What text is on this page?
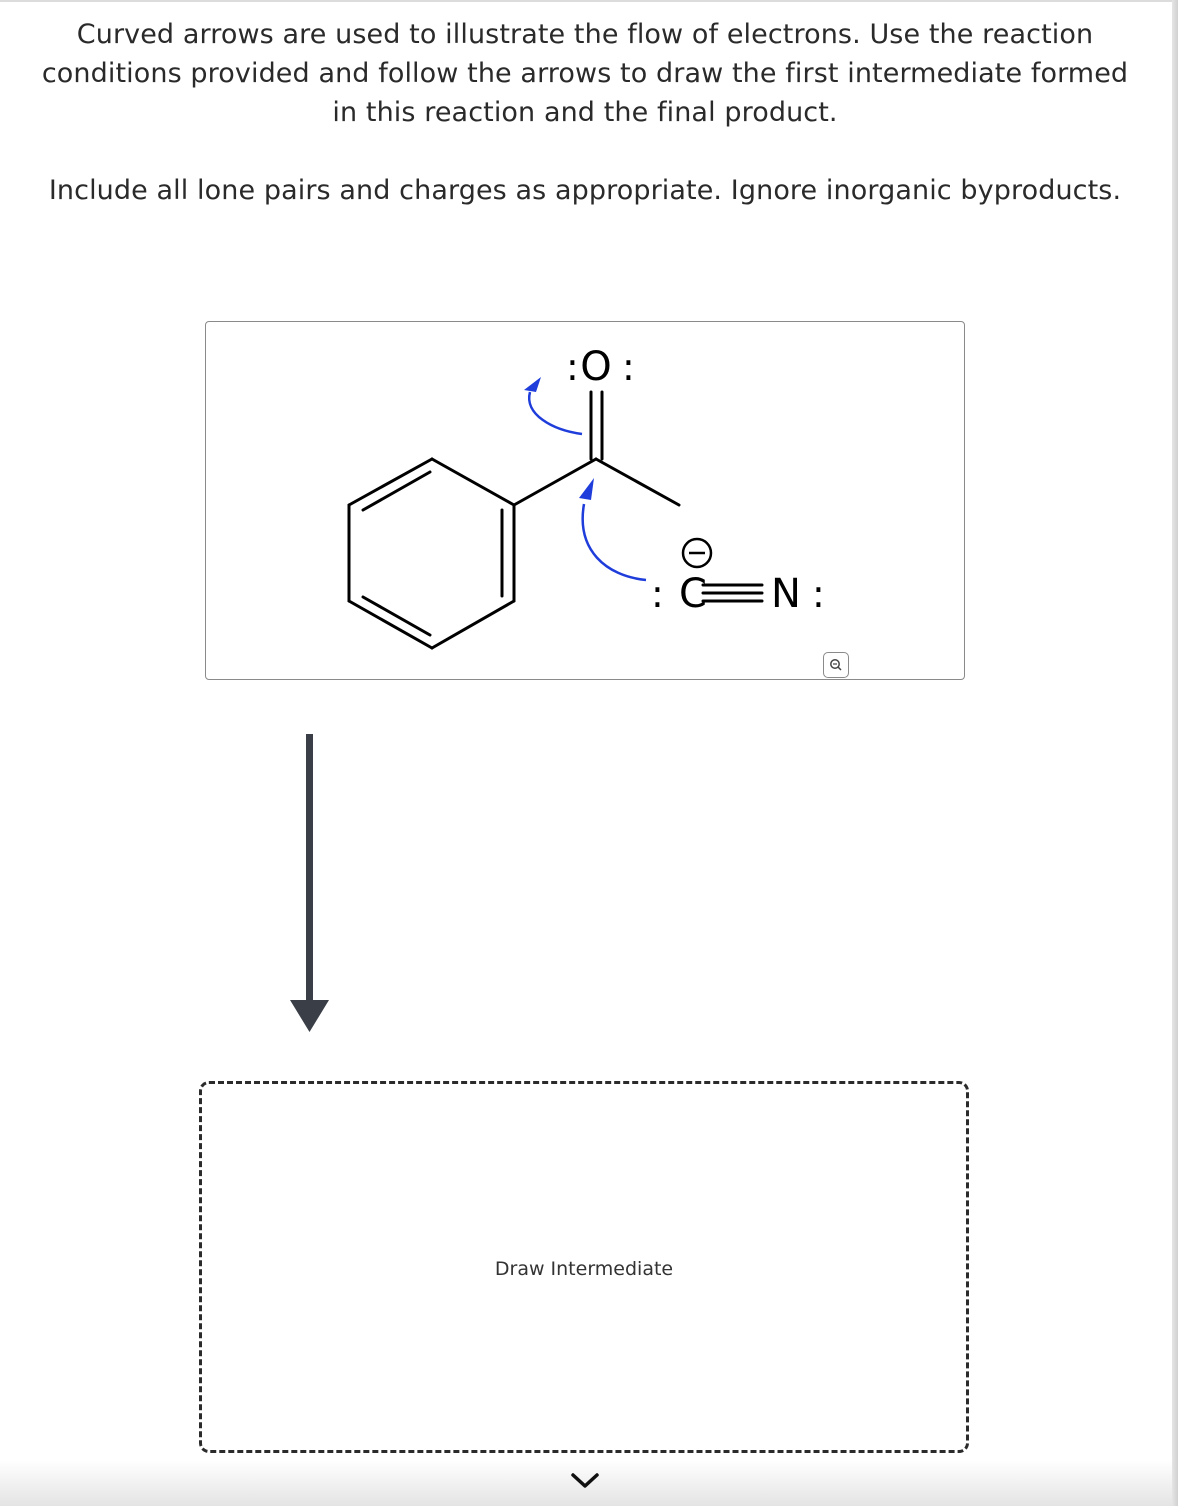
Curved arrows are used to illustrate the flow of electrons. Use the reaction conditions provided and follow the arrows to draw the first intermediate formed in this reaction and the final product.
Include all lone pairs and charges as appropriate. Ignore inorganic byproducts.
: O :
: C N :
Draw Intermediate
